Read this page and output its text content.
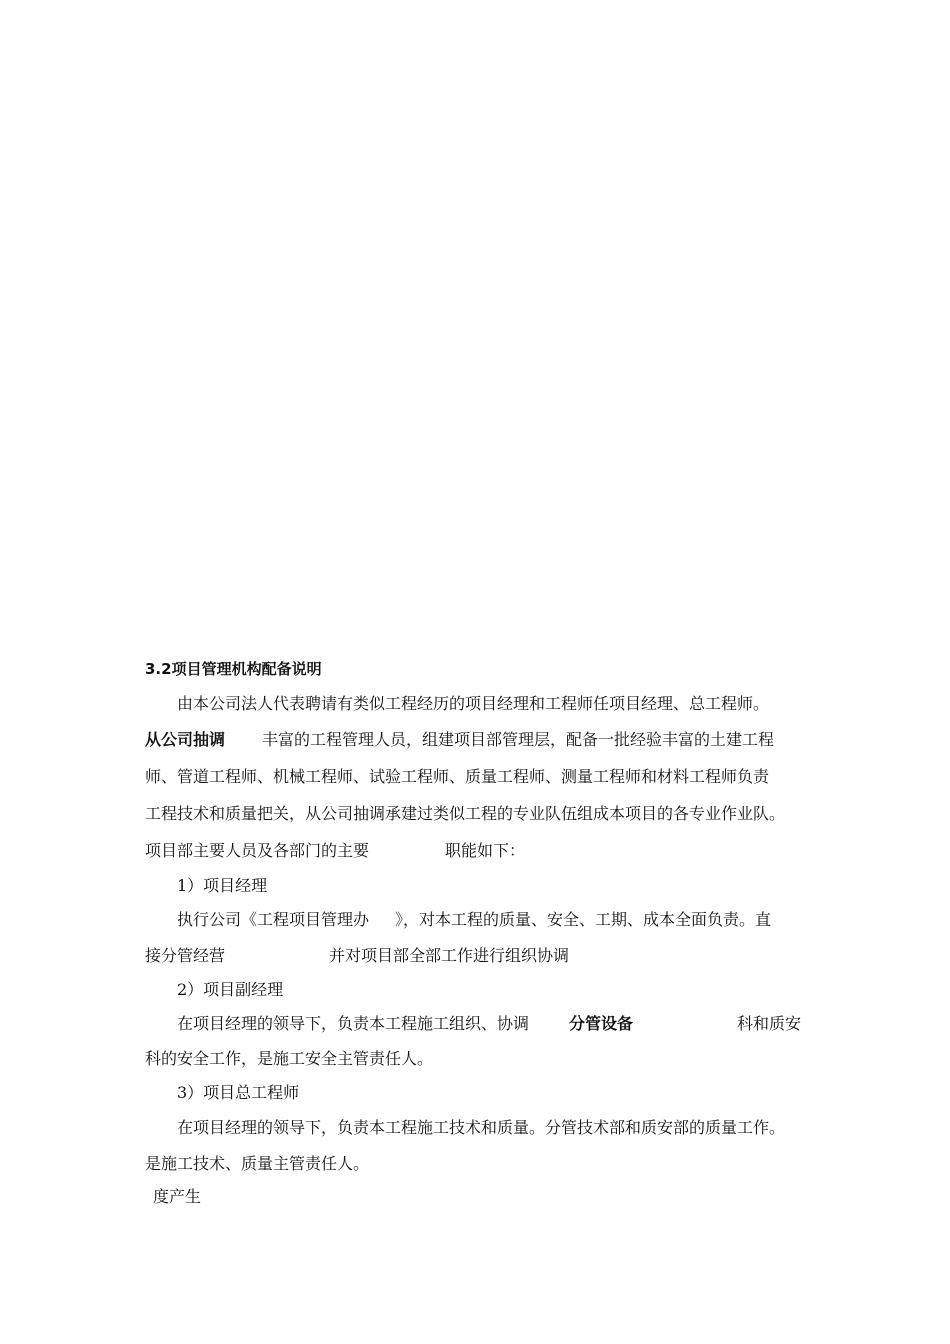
3.2项目管理机构配备说明
由本公司法人代表聘请有类似工程经历的项目经理和工程师任项目经理、总工程师。
从公司抽调 丰富的工程管理人员，组建项目部管理层，配备一批经验丰富的土建工程
师、管道工程师、机械工程师、试验工程师、质量工程师、测量工程师和材料工程师负责
工程技术和质量把关，从公司抽调承建过类似工程的专业队伍组成本项目的各专业作业队。
项目部主要人员及各部门的主要	职能如下：
1）项目经理
执行公司《工程项目管理办 》，对本工程的质量、安全、工期、成本全面负责。直
接分管经营	并对项目部全部工作进行组织协调
2）项目副经理
在项目经理的领导下，负责本工程施工组织、协调 分管设备	科和质安
科的安全工作，是施工安全主管责任人。
3）项目总工程师
在项目经理的领导下，负责本工程施工技术和质量。分管技术部和质安部的质量工作。
是施工技术、质量主管责任人。
度产生
